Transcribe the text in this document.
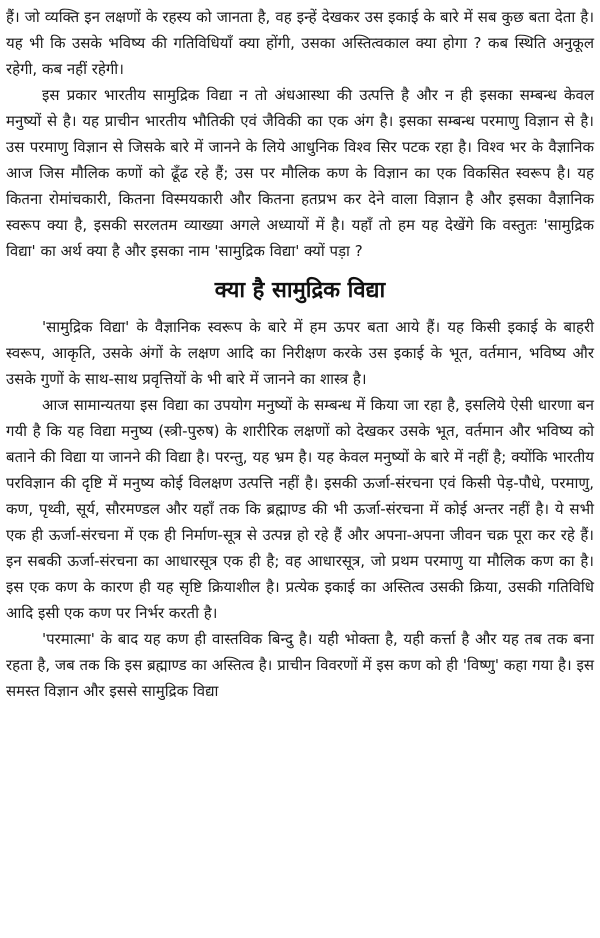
हैं। जो व्यक्ति इन लक्षणों के रहस्य को जानता है, वह इन्हें देखकर उस इकाई के बारे में सब कुछ बता देता है। यह भी कि उसके भविष्य की गतिविधियाँ क्या होंगी, उसका अस्तित्वकाल क्या होगा ? कब स्थिति अनुकूल रहेगी, कब नहीं रहेगी।

इस प्रकार भारतीय सामुद्रिक विद्या न तो अंधआस्था की उत्पत्ति है और न ही इसका सम्बन्ध केवल मनुष्यों से है। यह प्राचीन भारतीय भौतिकी एवं जैविकी का एक अंग है। इसका सम्बन्ध परमाणु विज्ञान से है। उस परमाणु विज्ञान से जिसके बारे में जानने के लिये आधुनिक विश्व सिर पटक रहा है। विश्व भर के वैज्ञानिक आज जिस मौलिक कणों को ढूँढ रहे हैं; उस पर मौलिक कण के विज्ञान का एक विकसित स्वरूप है। यह कितना रोमांचकारी, कितना विस्मयकारी और कितना हतप्रभ कर देने वाला विज्ञान है और इसका वैज्ञानिक स्वरूप क्या है, इसकी सरलतम व्याख्या अगले अध्यायों में है। यहाँ तो हम यह देखेंगे कि वस्तुतः 'सामुद्रिक विद्या' का अर्थ क्या है और इसका नाम 'सामुद्रिक विद्या' क्यों पड़ा ?

क्या है सामुद्रिक विद्या

'सामुद्रिक विद्या' के वैज्ञानिक स्वरूप के बारे में हम ऊपर बता आये हैं। यह किसी इकाई के बाहरी स्वरूप, आकृति, उसके अंगों के लक्षण आदि का निरीक्षण करके उस इकाई के भूत, वर्तमान, भविष्य और उसके गुणों के साथ-साथ प्रवृत्तियों के भी बारे में जानने का शास्त्र है।

आज सामान्यतया इस विद्या का उपयोग मनुष्यों के सम्बन्ध में किया जा रहा है, इसलिये ऐसी धारणा बन गयी है कि यह विद्या मनुष्य (स्त्री-पुरुष) के शारीरिक लक्षणों को देखकर उसके भूत, वर्तमान और भविष्य को बताने की विद्या या जानने की विद्या है। परन्तु, यह भ्रम है। यह केवल मनुष्यों के बारे में नहीं है; क्योंकि भारतीय परविज्ञान की दृष्टि में मनुष्य कोई विलक्षण उत्पत्ति नहीं है। इसकी ऊर्जा-संरचना एवं किसी पेड़-पौधे, परमाणु, कण, पृथ्वी, सूर्य, सौरमण्डल और यहाँ तक कि ब्रह्माण्ड की भी ऊर्जा-संरचना में कोई अन्तर नहीं है। ये सभी एक ही ऊर्जा-संरचना में एक ही निर्माण-सूत्र से उत्पन्न हो रहे हैं और अपना-अपना जीवन चक्र पूरा कर रहे हैं। इन सबकी ऊर्जा-संरचना का आधारसूत्र एक ही है; वह आधारसूत्र, जो प्रथम परमाणु या मौलिक कण का है। इस एक कण के कारण ही यह सृष्टि क्रियाशील है। प्रत्येक इकाई का अस्तित्व उसकी क्रिया, उसकी गतिविधि आदि इसी एक कण पर निर्भर करती है।

'परमात्मा' के बाद यह कण ही वास्तविक बिन्दु है। यही भोक्ता है, यही कर्त्ता है और यह तब तक बना रहता है, जब तक कि इस ब्रह्माण्ड का अस्तित्व है। प्राचीन विवरणों में इस कण को ही 'विष्णु' कहा गया है। इस समस्त विज्ञान और इससे सामुद्रिक विद्या
